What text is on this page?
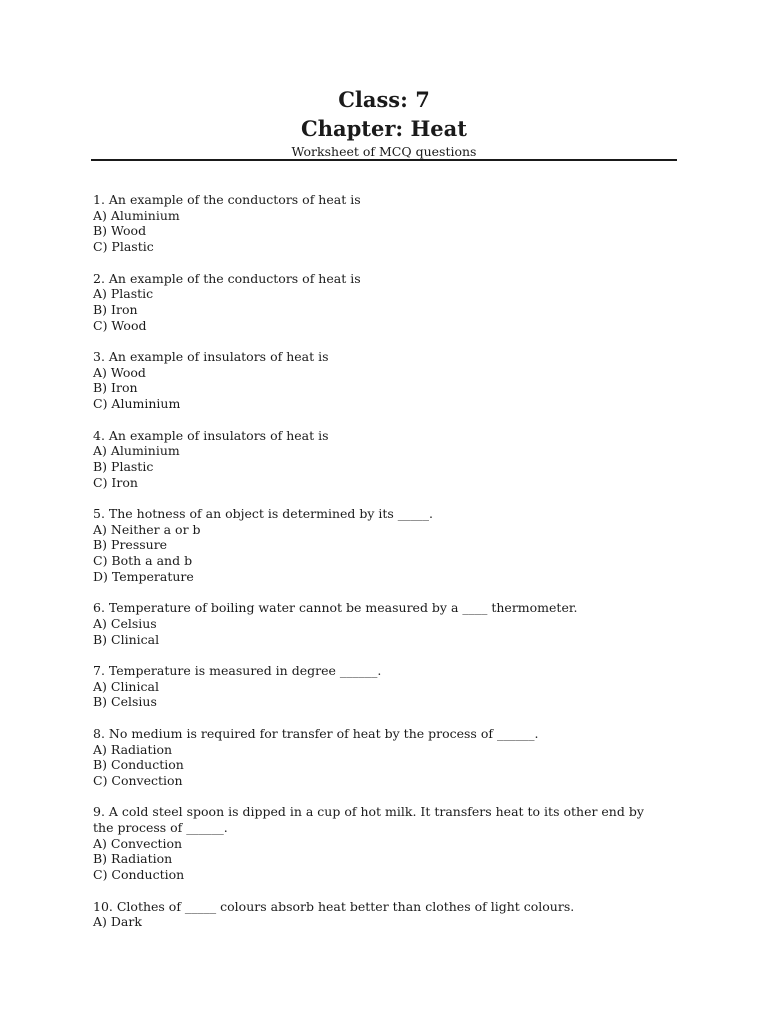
Class: 7
Chapter: Heat
Worksheet of MCQ questions
1. An example of the conductors of heat is
A) Aluminium
B) Wood
C) Plastic
2. An example of the conductors of heat is
A) Plastic
B) Iron
C) Wood
3. An example of insulators of heat is
A) Wood
B) Iron
C) Aluminium
4. An example of insulators of heat is
A) Aluminium
B) Plastic
C) Iron
5. The hotness of an object is determined by its _____.
A) Neither a or b
B) Pressure
C) Both a and b
D) Temperature
6. Temperature of boiling water cannot be measured by a ____ thermometer.
A) Celsius
B) Clinical
7. Temperature is measured in degree ______.
A) Clinical
B) Celsius
8. No medium is required for transfer of heat by the process of ______.
A) Radiation
B) Conduction
C) Convection
9. A cold steel spoon is dipped in a cup of hot milk. It transfers heat to its other end by the process of ______.
A) Convection
B) Radiation
C) Conduction
10. Clothes of _____ colours absorb heat better than clothes of light colours.
A) Dark
